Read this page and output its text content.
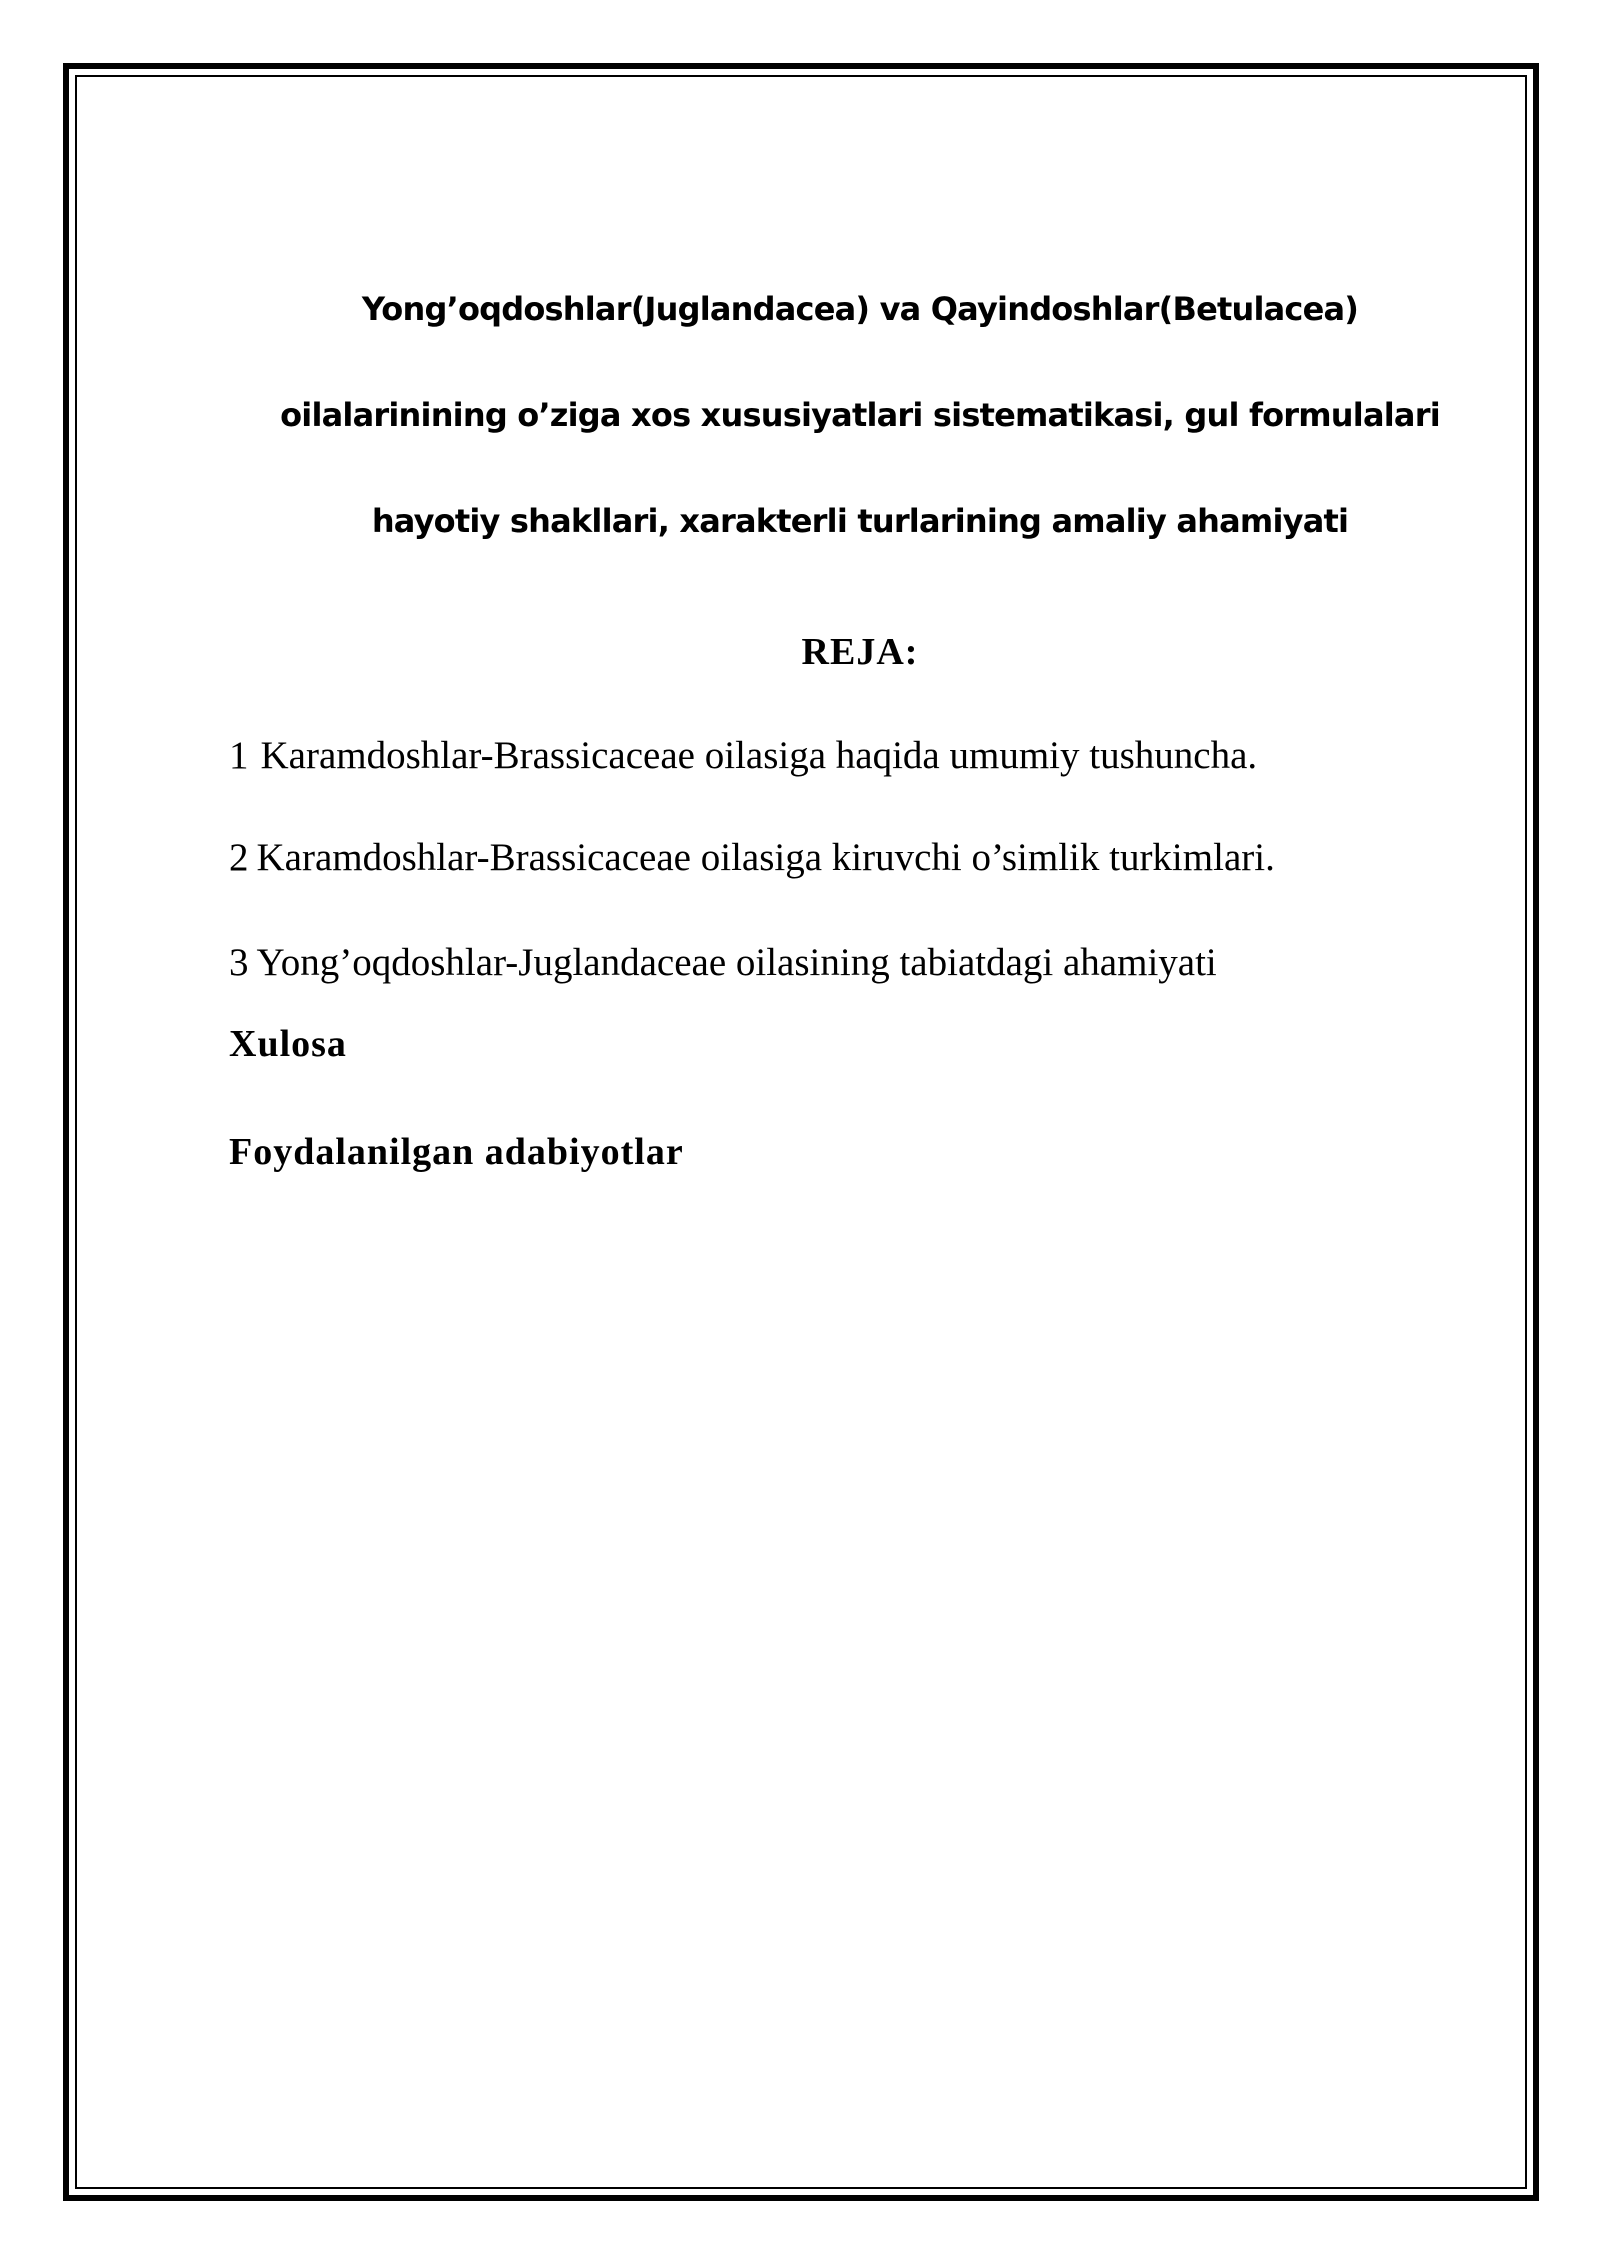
Yong’oqdoshlar(Juglandacea) va Qayindoshlar(Betulacea)
oilalarinining o’ziga xos xususiyatlari sistematikasi, gul formulalari
hayotiy shakllari, xarakterli turlarining amaliy ahamiyati
REJA:
1 Karamdoshlar-Brassicaceae oilasiga haqida umumiy tushuncha.
2 Karamdoshlar-Brassicaceae oilasiga kiruvchi o’simlik turkimlari.
3 Yong’oqdoshlar-Juglandaceae oilasining tabiatdagi ahamiyati
Xulosa
Foydalanilgan adabiyotlar
